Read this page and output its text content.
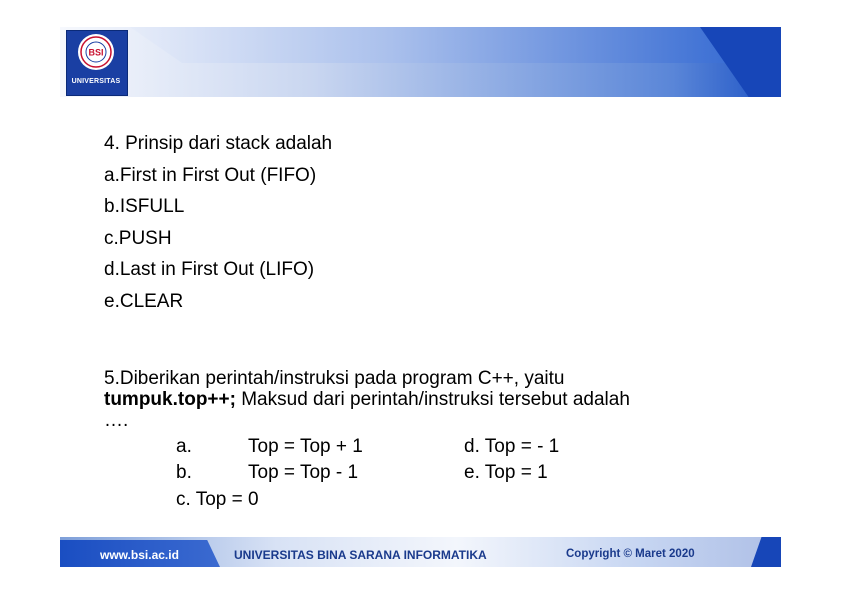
BSI
UNIVERSITAS
4. Prinsip dari stack adalah
a.First in First Out (FIFO)
b.ISFULL
c.PUSH
d.Last in First Out (LIFO)
e.CLEAR
5.Diberikan perintah/instruksi pada program C++, yaitu
tumpuk.top++; Maksud dari perintah/instruksi tersebut adalah
….
a.	Top = Top + 1	d. Top = - 1
b.	Top = Top - 1	e. Top = 1
c. Top = 0
www.bsi.ac.id	UNIVERSITAS BINA SARANA INFORMATIKA	Copyright © Maret 2020
